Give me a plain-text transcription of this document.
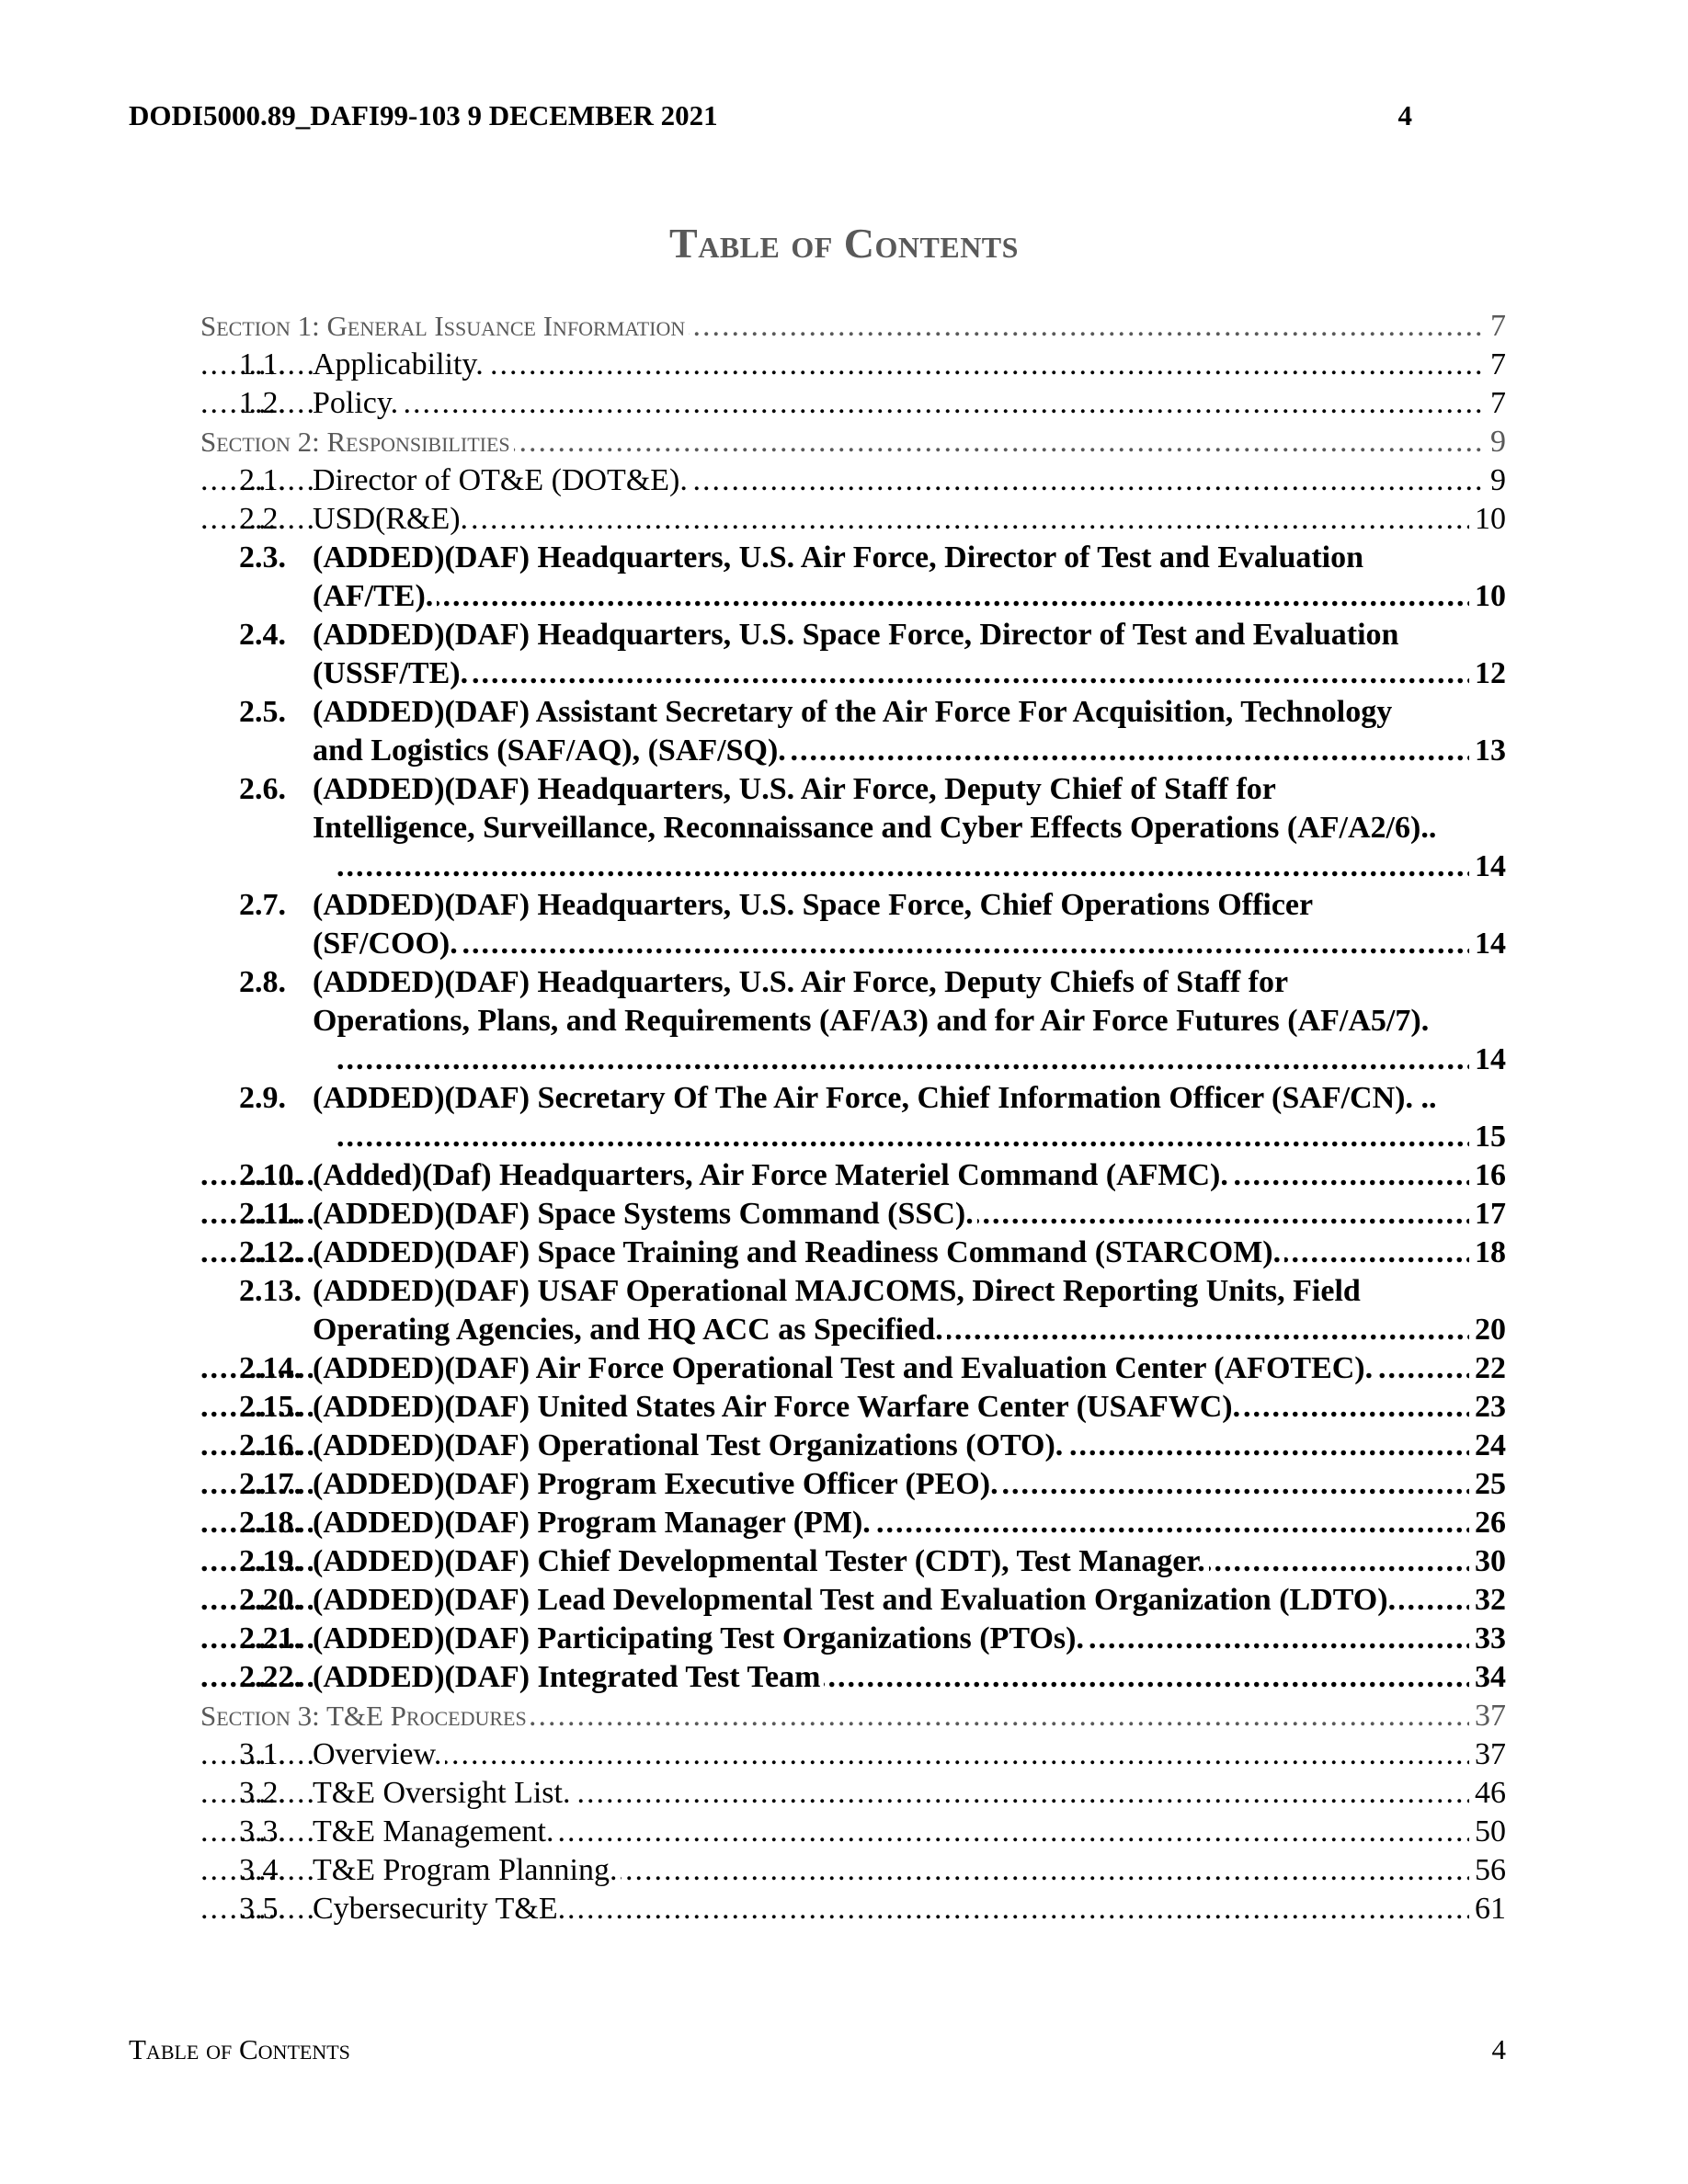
DODI5000.89_DAFI99-103 9 DECEMBER 2021	4
Table of Contents
.....
Section 1: General Issuance Information	7
1.1. ..... Applicability.	7
1.2. ..... Policy.	7
.....
Section 2: Responsibilities	9
2.1. ..... Director of OT&E (DOT&E).	9
2.2. ..... USD(R&E).	10
2.3. (ADDED)(DAF) Headquarters, U.S. Air Force, Director of Test and Evaluation
.....
(AF/TE).	10
2.4. (ADDED)(DAF) Headquarters, U.S. Space Force, Director of Test and Evaluation
.....
(USSF/TE).	12
2.5. (ADDED)(DAF) Assistant Secretary of the Air Force For Acquisition, Technology
.....
and Logistics (SAF/AQ), (SAF/SQ).	13
2.6. (ADDED)(DAF) Headquarters, U.S. Air Force, Deputy Chief of Staff for
Intelligence, Surveillance, Reconnaissance and Cyber Effects Operations (AF/A2/6)..
.....
14
2.7. (ADDED)(DAF) Headquarters, U.S. Space Force, Chief Operations Officer
.....
(SF/COO).	14
2.8. (ADDED)(DAF) Headquarters, U.S. Air Force, Deputy Chiefs of Staff for
Operations, Plans, and Requirements (AF/A3) and for Air Force Futures (AF/A5/7).
.....
14
2.9. (ADDED)(DAF) Secretary Of The Air Force, Chief Information Officer (SAF/CN). ..
.....
15
2.10. ..... (Added)(Daf) Headquarters, Air Force Materiel Command (AFMC).	16
2.11. ..... (ADDED)(DAF) Space Systems Command (SSC).	17
2.12. ..... (ADDED)(DAF) Space Training and Readiness Command (STARCOM).	18
2.13. (ADDED)(DAF) USAF Operational MAJCOMS, Direct Reporting Units, Field
.....
Operating Agencies, and HQ ACC as Specified.	20
2.14. ..... (ADDED)(DAF) Air Force Operational Test and Evaluation Center (AFOTEC).	22
2.15. ..... (ADDED)(DAF) United States Air Force Warfare Center (USAFWC).	23
2.16. ..... (ADDED)(DAF) Operational Test Organizations (OTO).	24
2.17. ..... (ADDED)(DAF) Program Executive Officer (PEO).	25
2.18. ..... (ADDED)(DAF) Program Manager (PM).	26
2.19. ..... (ADDED)(DAF) Chief Developmental Tester (CDT), Test Manager.	30
2.20. ..... (ADDED)(DAF) Lead Developmental Test and Evaluation Organization (LDTO).	32
2.21. ..... (ADDED)(DAF) Participating Test Organizations (PTOs).	33
2.22. ..... (ADDED)(DAF) Integrated Test Team	34
.....
Section 3: T&E Procedures	37
3.1. ..... Overview.	37
3.2. ..... T&E Oversight List.	46
3.3. ..... T&E Management.	50
3.4. ..... T&E Program Planning.	56
3.5. ..... Cybersecurity T&E.	61
Table of Contents	4
